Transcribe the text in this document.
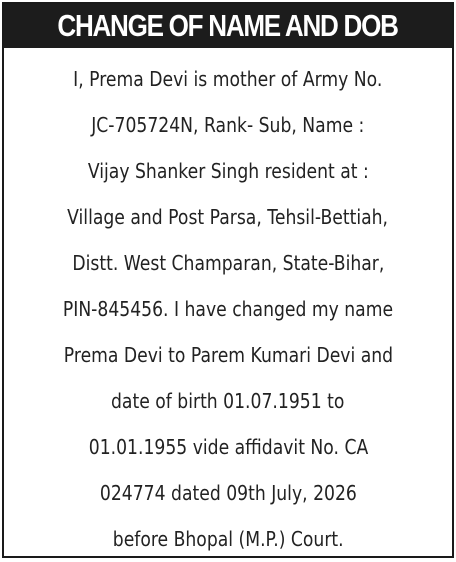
CHANGE OF NAME AND DOB
I, Prema Devi is mother of Army No.
JC-705724N, Rank- Sub, Name :
Vijay Shanker Singh resident at :
Village and Post Parsa, Tehsil-Bettiah,
Distt. West Champaran, State-Bihar,
PIN-845456. I have changed my name
Prema Devi to Parem Kumari Devi and
date of birth 01.07.1951 to
01.01.1955 vide affidavit No. CA
024774 dated 09th July, 2026
before Bhopal (M.P.) Court.
